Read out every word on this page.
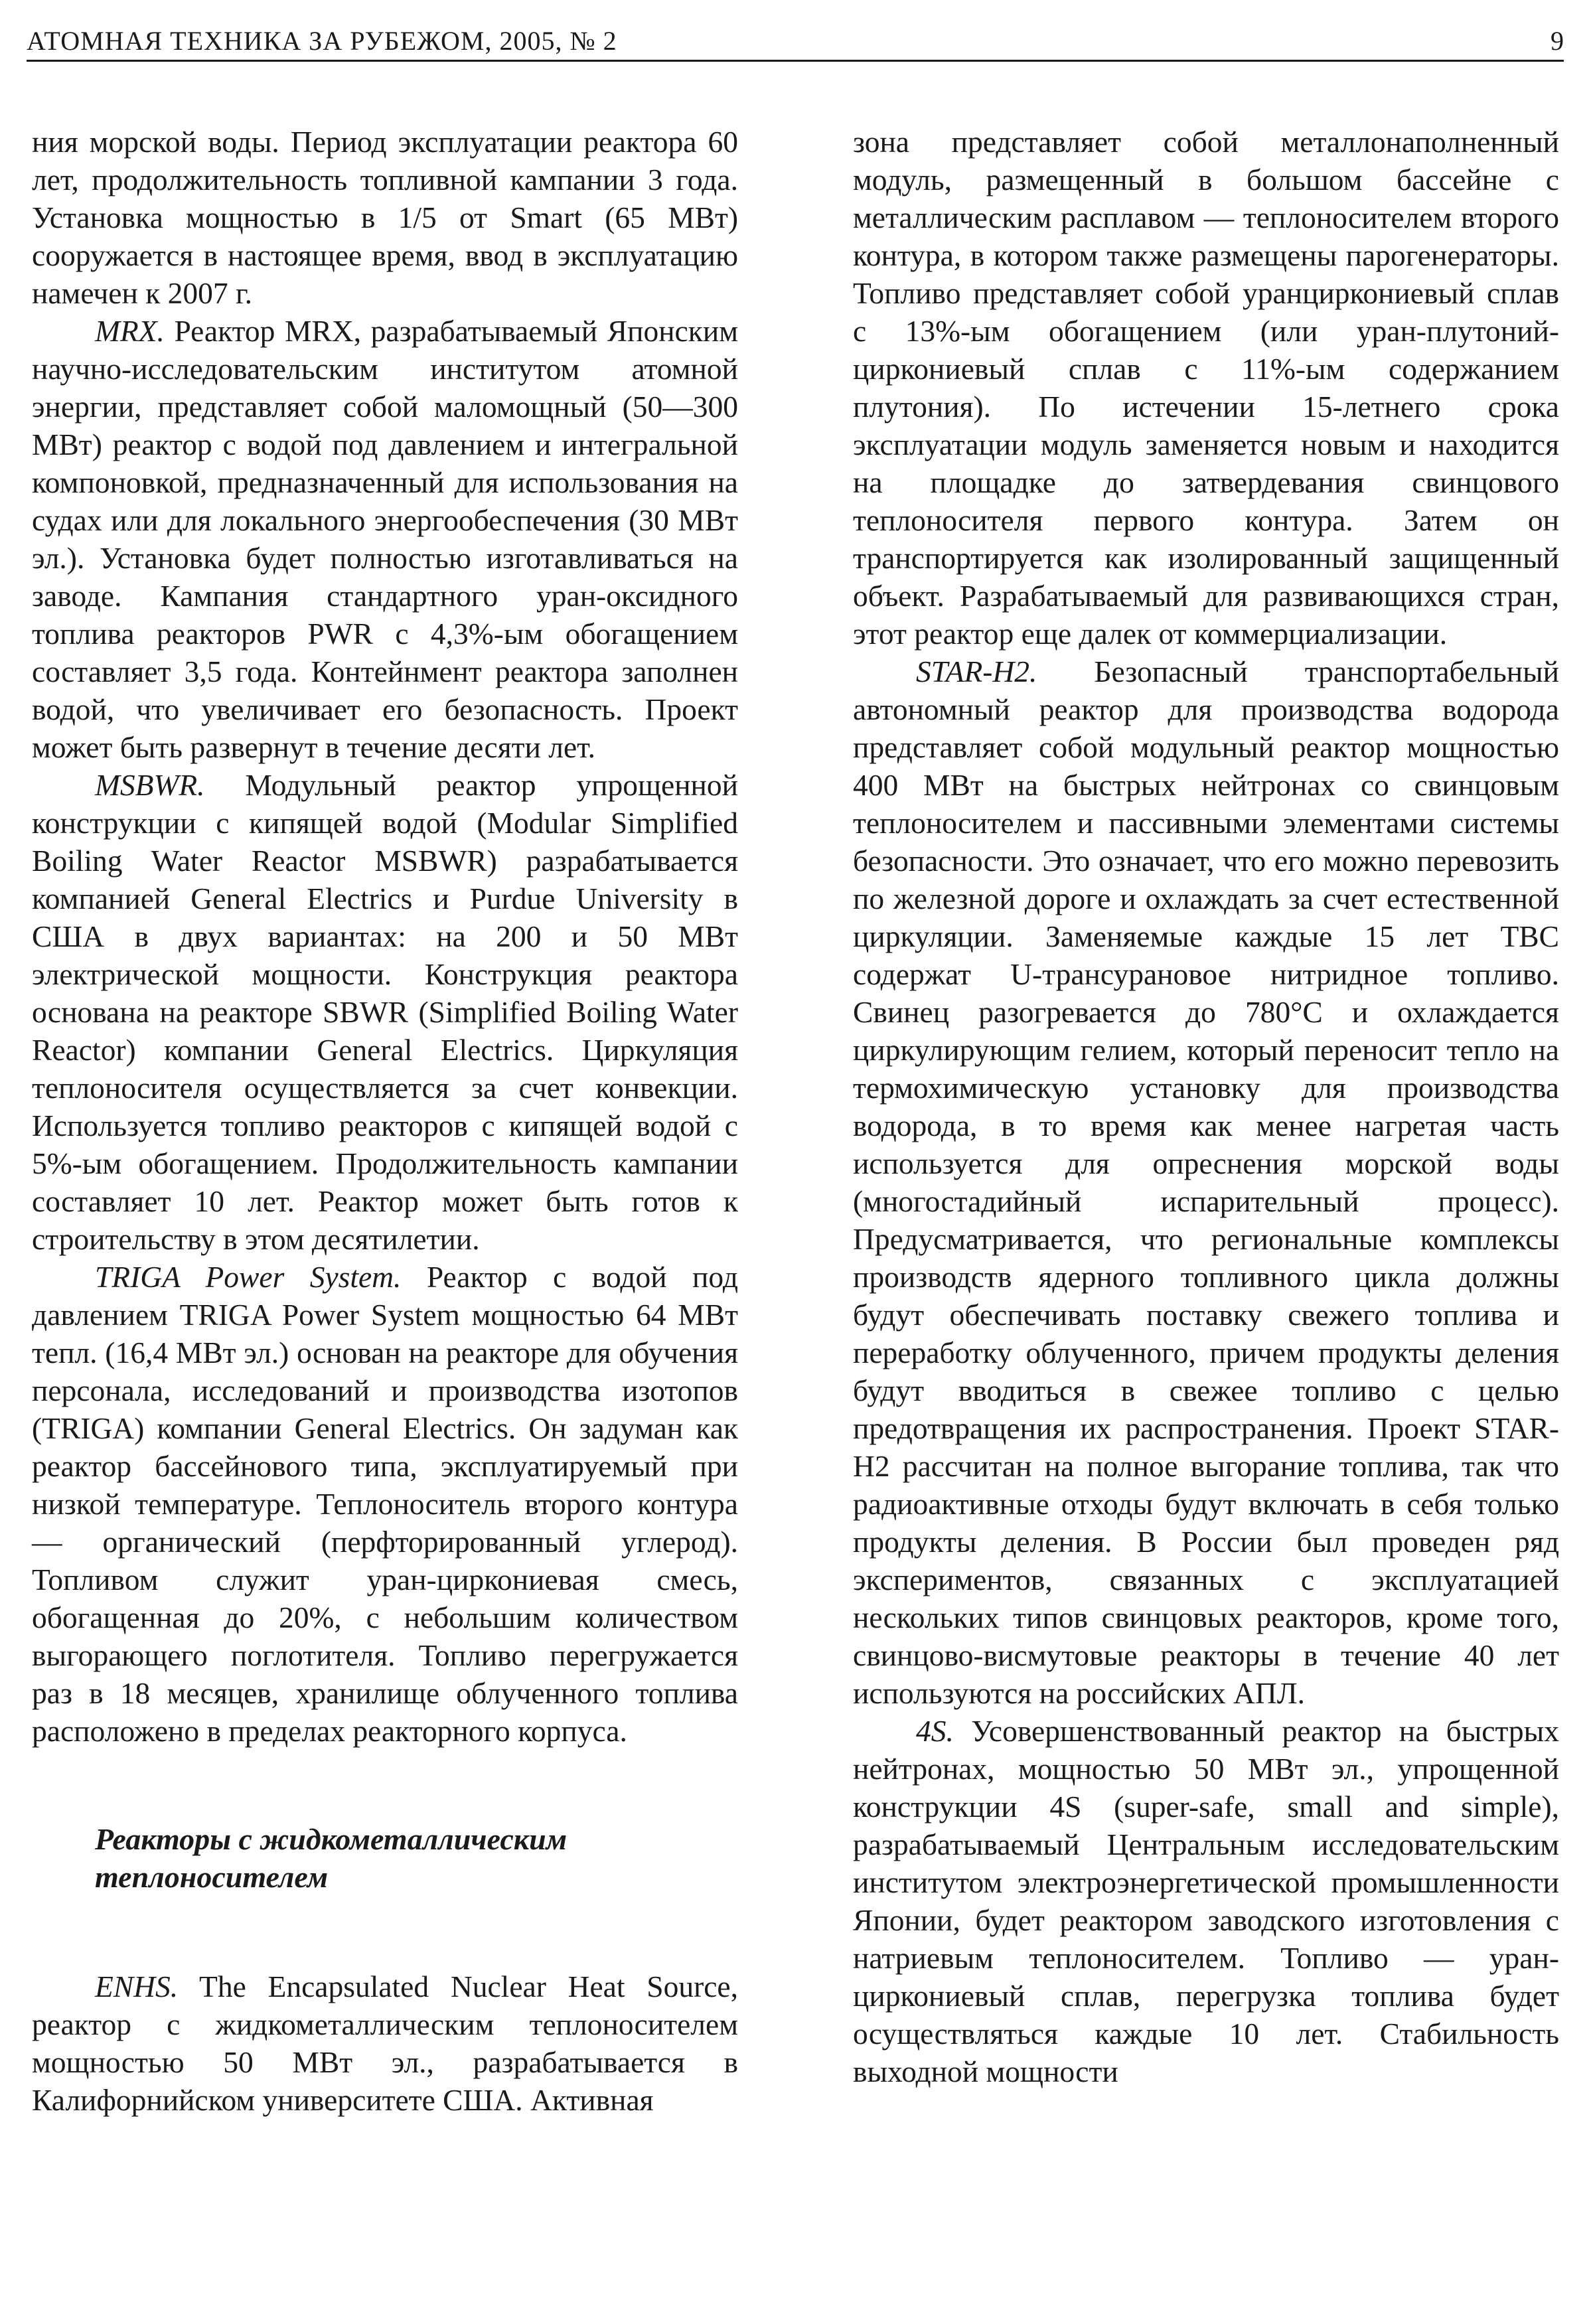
АТОМНАЯ ТЕХНИКА ЗА РУБЕЖОМ, 2005, № 2	9

ния морской воды. Период эксплуатации реактора 60 лет, продолжительность топливной кампании 3 года. Установка мощностью в 1/5 от Smart (65 МВт) сооружается в настоящее время, ввод в эксплуатацию намечен к 2007 г.

MRX. Реактор MRX, разрабатываемый Японским научно-исследовательским институтом атомной энергии, представляет собой маломощный (50—300 МВт) реактор с водой под давлением и интегральной компоновкой, предназначенный для использования на судах или для локального энергообеспечения (30 МВт эл.). Установка будет полностью изготавливаться на заводе. Кампания стандартного уран-оксидного топлива реакторов PWR с 4,3%-ым обогащением составляет 3,5 года. Контейнмент реактора заполнен водой, что увеличивает его безопасность. Проект может быть развернут в течение десяти лет.

MSBWR. Модульный реактор упрощенной конструкции с кипящей водой (Modular Simplified Boiling Water Reactor MSBWR) разрабатывается компанией General Electrics и Purdue University в США в двух вариантах: на 200 и 50 МВт электрической мощности. Конструкция реактора основана на реакторе SBWR (Simplified Boiling Water Reactor) компании General Electrics. Циркуляция теплоносителя осуществляется за счет конвекции. Используется топливо реакторов с кипящей водой с 5%-ым обогащением. Продолжительность кампании составляет 10 лет. Реактор может быть готов к строительству в этом десятилетии.

TRIGA Power System. Реактор с водой под давлением TRIGA Power System мощностью 64 МВт тепл. (16,4 МВт эл.) основан на реакторе для обучения персонала, исследований и производства изотопов (TRIGA) компании General Electrics. Он задуман как реактор бассейнового типа, эксплуатируемый при низкой температуре. Теплоноситель второго контура — органический (перфторированный углерод). Топливом служит уран-циркониевая смесь, обогащенная до 20%, с небольшим количеством выгорающего поглотителя. Топливо перегружается раз в 18 месяцев, хранилище облученного топлива расположено в пределах реакторного корпуса.

Реакторы с жидкометаллическим
теплоносителем

ENHS. The Encapsulated Nuclear Heat Source, реактор с жидкометаллическим теплоносителем мощностью 50 МВт эл., разрабатывается в Калифорнийском университете США. Активная

зона представляет собой металлонаполненный модуль, размещенный в большом бассейне с металлическим расплавом — теплоносителем второго контура, в котором также размещены парогенераторы. Топливо представляет собой уранциркониевый сплав с 13%-ым обогащением (или уран-плутоний-циркониевый сплав с 11%-ым содержанием плутония). По истечении 15-летнего срока эксплуатации модуль заменяется новым и находится на площадке до затвердевания свинцового теплоносителя первого контура. Затем он транспортируется как изолированный защищенный объект. Разрабатываемый для развивающихся стран, этот реактор еще далек от коммерциализации.

STAR-H2. Безопасный транспортабельный автономный реактор для производства водорода представляет собой модульный реактор мощностью 400 МВт на быстрых нейтронах со свинцовым теплоносителем и пассивными элементами системы безопасности. Это означает, что его можно перевозить по железной дороге и охлаждать за счет естественной циркуляции. Заменяемые каждые 15 лет ТВС содержат U-трансурановое нитридное топливо. Свинец разогревается до 780°С и охлаждается циркулирующим гелием, который переносит тепло на термохимическую установку для производства водорода, в то время как менее нагретая часть используется для опреснения морской воды (многостадийный испарительный процесс). Предусматривается, что региональные комплексы производств ядерного топливного цикла должны будут обеспечивать поставку свежего топлива и переработку облученного, причем продукты деления будут вводиться в свежее топливо с целью предотвращения их распространения. Проект STAR-H2 рассчитан на полное выгорание топлива, так что радиоактивные отходы будут включать в себя только продукты деления. В России был проведен ряд экспериментов, связанных с эксплуатацией нескольких типов свинцовых реакторов, кроме того, свинцово-висмутовые реакторы в течение 40 лет используются на российских АПЛ.

4S. Усовершенствованный реактор на быстрых нейтронах, мощностью 50 МВт эл., упрощенной конструкции 4S (super-safe, small and simple), разрабатываемый Центральным исследовательским институтом электроэнергетической промышленности Японии, будет реактором заводского изготовления с натриевым теплоносителем. Топливо — уран-циркониевый сплав, перегрузка топлива будет осуществляться каждые 10 лет. Стабильность выходной мощности
